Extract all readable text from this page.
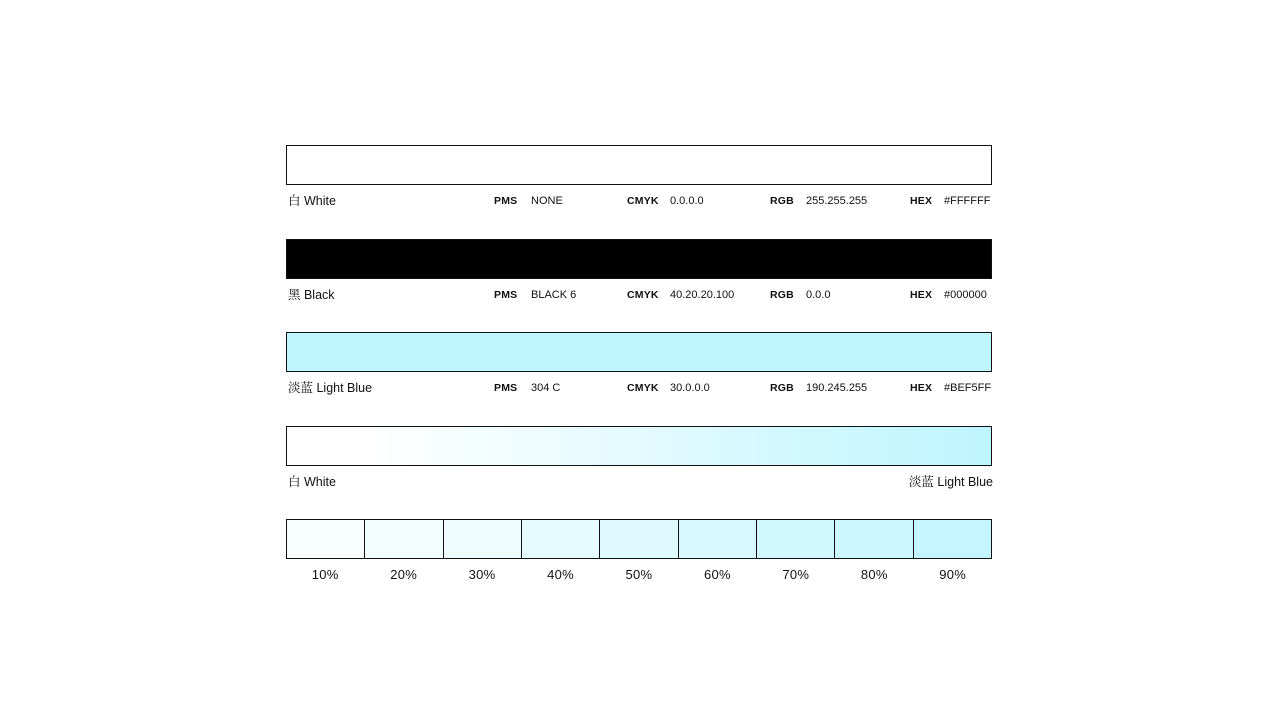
白 White	PMS NONE	CMYK 0.0.0.0	RGB 255.255.255	HEX #FFFFFF
黑 Black	PMS BLACK 6	CMYK 40.20.20.100	RGB 0.0.0	HEX #000000
淡蓝 Light Blue	PMS 304 C	CMYK 30.0.0.0	RGB 190.245.255	HEX #BEF5FF
白 White	淡蓝 Light Blue
10%	20%	30%	40%	50%	60%	70%	80%	90%
